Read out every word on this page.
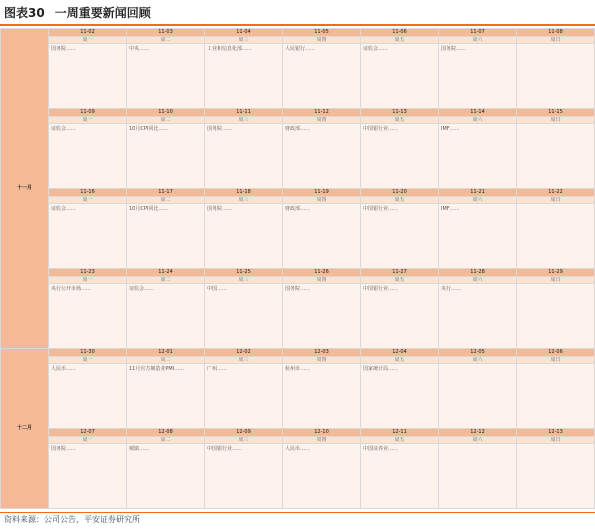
图表30 一周重要新闻回顾
十一月	11-02	11-03	11-04	11-05	11-06	11-07	11-08
	周一	周二	周三	周四	周五	周六	周日

	国务院……	中央……	工业和信息化部……	人民银行……	证监会……	国务院……	

	11-09	11-10	11-11	11-12	11-13	11-14	11-15
	周一	周二	周三	周四	周五	周六	周日

	证监会……	10月CPI同比……	国务院……	财政部……	中国银行业……	IMF……	

	11-16	11-17	11-18	11-19	11-20	11-21	11-22
	周一	周二	周三	周四	周五	周六	周日

	证监会……	10月CPI同比……	国务院……	财政部……	中国银行业……	IMF……	

	11-23	11-24	11-25	11-26	11-27	11-28	11-29
	周一	周二	周三	周四	周五	周六	周日

	央行公开市场……	证监会……	中国……	国务院……	中国银行业……	央行……	

十二月	11-30	12-01	12-02	12-03	12-04	12-05	12-06
	周一	周二	周三	周四	周五	周六	周日

	人民币……	11月官方制造业PMI……	广州……	杭州市……	国家统计局……		

	12-07	12-08	12-09	12-10	12-11	12-12	12-13
	周一	周二	周三	周四	周五	周六	周日

	国务院……	城镇……	中国银行业……	人民币……	中国证券业……		

资料来源：公司公告，平安证券研究所
